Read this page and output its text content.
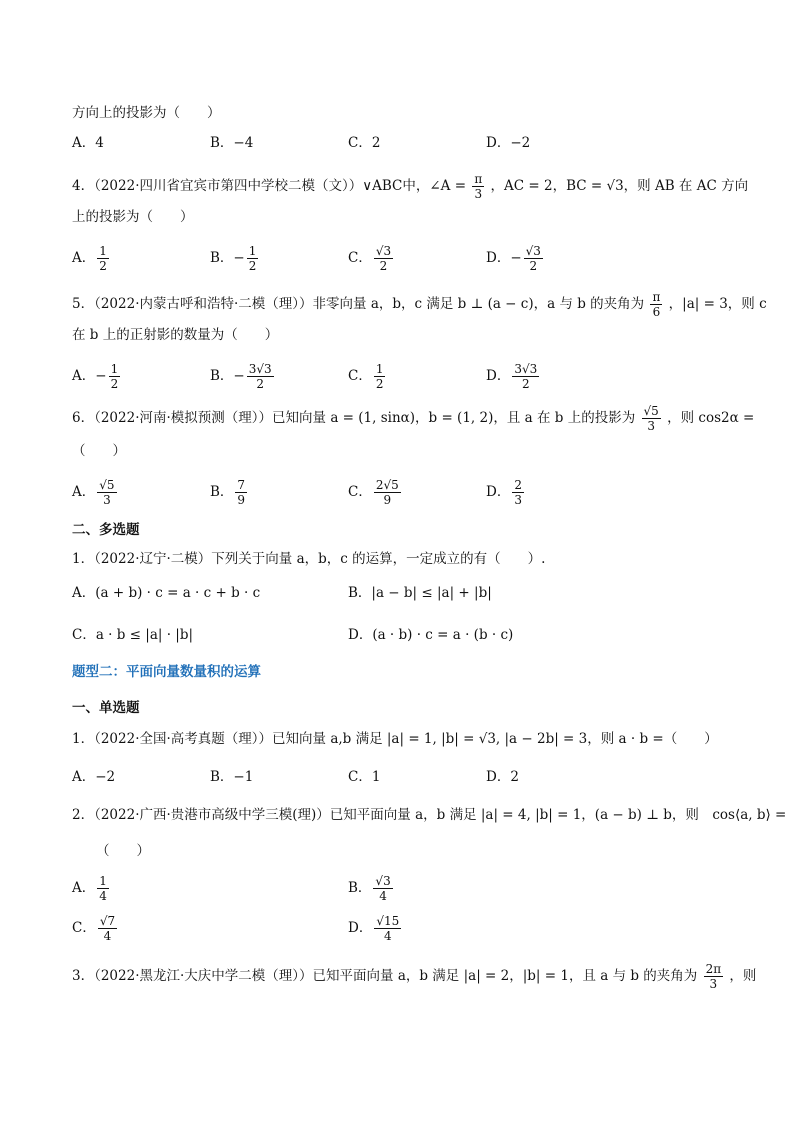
方向上的投影为（　　）
A．4	B．−4	C．2	D．−2
4．（2022·四川省宜宾市第四中学校二模（文））∨ABC中，∠A = $\frac{\pi}{3}$ ，AC = 2，BC = √3，则 AB 在 AC 方向
上的投影为（　　）
A． $\frac{1}{2}$	B．− $\frac{1}{2}$	C． $\frac{√3}{2}$	D．− $\frac{√3}{2}$
5．（2022·内蒙古呼和浩特·二模（理））非零向量 a，b，c 满足 b ⊥ (a − c)，a 与 b 的夹角为 $\frac{\pi}{6}$ ，|a| = 3，则 c
在 b 上的正射影的数量为（　　）
A．− $\frac{1}{2}$	B．− $\frac{3√3}{2}$	C． $\frac{1}{2}$	D． $\frac{3√3}{2}$
6．（2022·河南·模拟预测（理））已知向量 a = (1, sinα)，b = (1, 2)，且 a 在 b 上的投影为 $\frac{√5}{3}$ ，则 cos2α =
（　　）
A． $\frac{√5}{3}$	B． $\frac{7}{9}$	C． $\frac{2√5}{9}$	D． $\frac{2}{3}$
二、多选题
1．（2022·辽宁·二模）下列关于向量 a，b，c 的运算，一定成立的有（　　）.
A．(a + b) · c = a · c + b · c	B．|a − b| ≤ |a| + |b|
C．a · b ≤ |a| · |b|	D．(a · b) · c = a · (b · c)
题型二：平面向量数量积的运算
一、单选题
1．（2022·全国·高考真题（理））已知向量 a,b 满足 |a| = 1, |b| = √3, |a − 2b| = 3，则 a · b =（　　）
A．−2	B．−1	C．1	D．2
2．（2022·广西·贵港市高级中学三模(理)）已知平面向量 a，b 满足 |a| = 4, |b| = 1，(a − b) ⊥ b，则　cos⟨a, b⟩ =
（　　）
A． $\frac{1}{4}$	B． $\frac{√3}{4}$
C． $\frac{√7}{4}$	D． $\frac{√15}{4}$
3．（2022·黑龙江·大庆中学二模（理））已知平面向量 a，b 满足 |a| = 2，|b| = 1，且 a 与 b 的夹角为 $\frac{2\pi}{3}$ ，则
